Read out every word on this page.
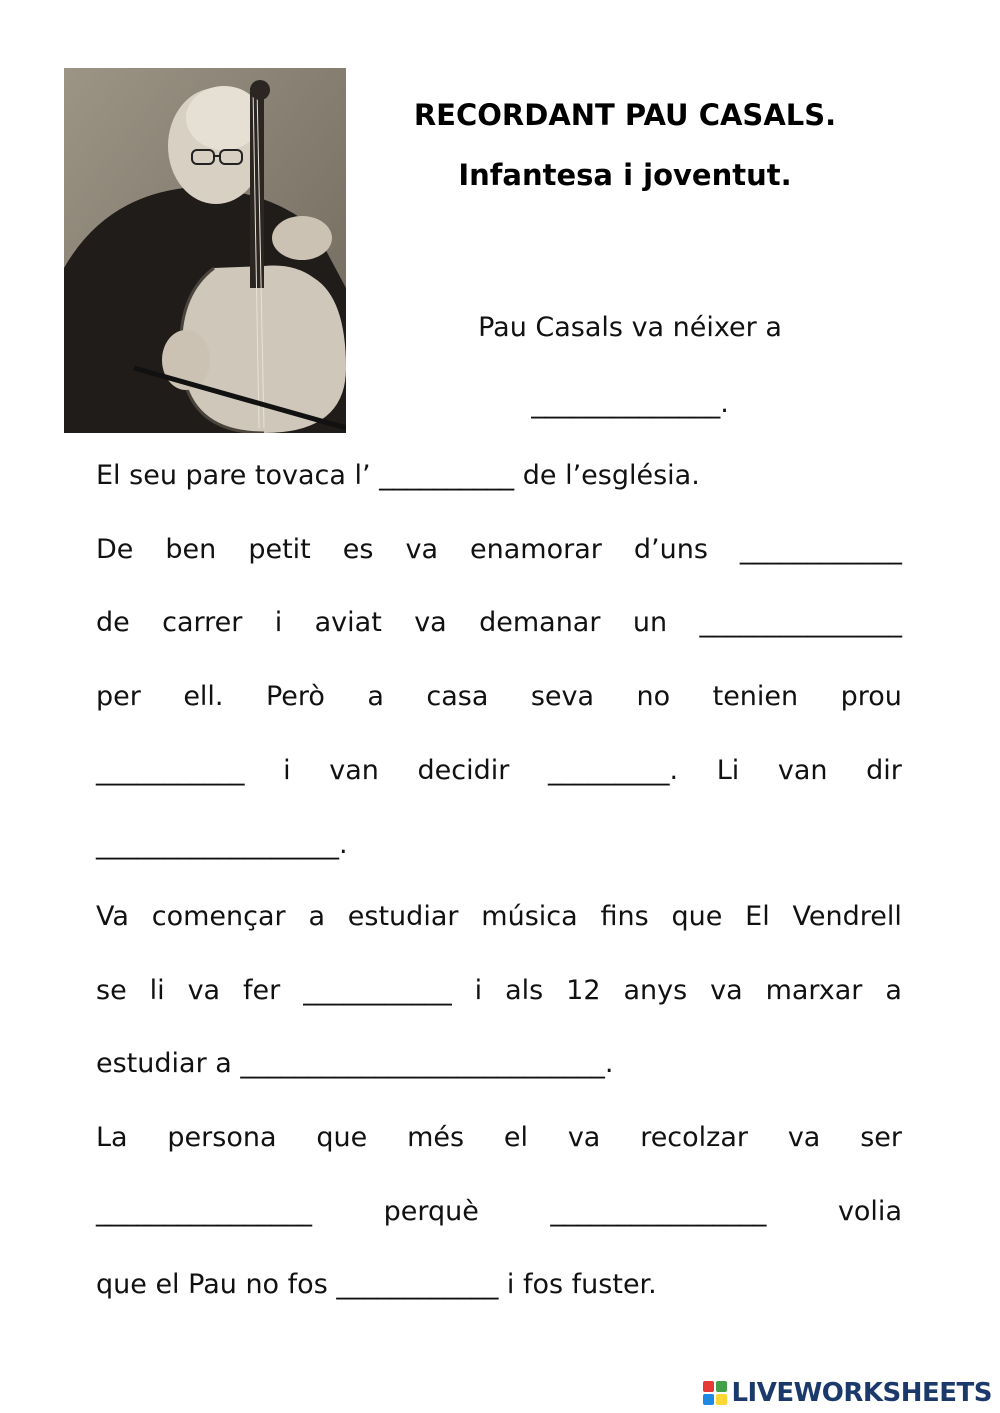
RECORDANT PAU CASALS.
Infantesa i joventut.
Pau Casals va néixer a
______________.
El seu pare tovaca l’ __________ de l’església.
De ben petit es va enamorar d’uns ____________
de carrer i aviat va demanar un _______________
per ell. Però a casa seva no tenien prou
___________ i van decidir _________. Li van dir
__________________.
Va començar a estudiar música fins que El Vendrell
se li va fer ___________ i als 12 anys va marxar a
estudiar a ___________________________.
La persona que més el va recolzar va ser
________________	perquè	________________	volia
que el Pau no fos ____________ i fos fuster.
LIVEWORKSHEETS
